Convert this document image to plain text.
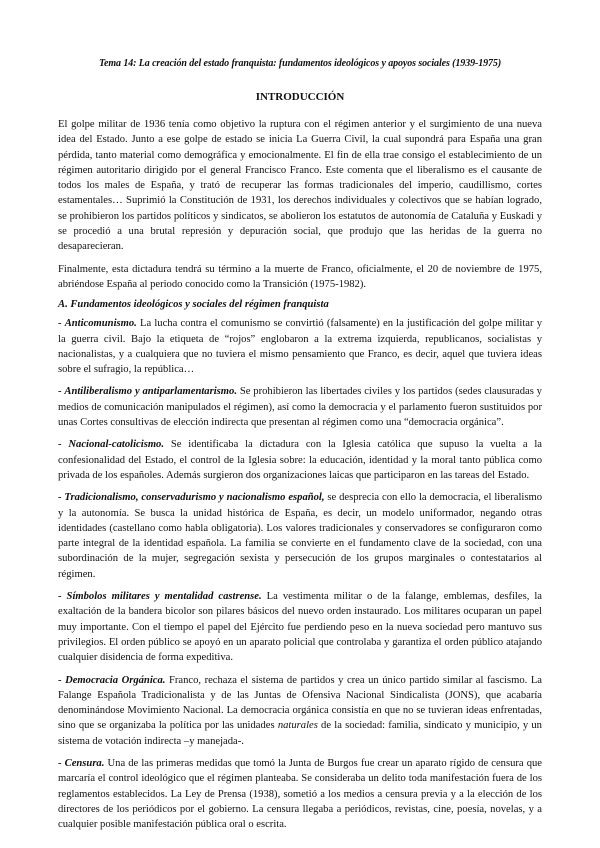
Tema 14: La creación del estado franquista: fundamentos ideológicos y apoyos sociales (1939-1975)
INTRODUCCIÓN

El golpe militar de 1936 tenía como objetivo la ruptura con el régimen anterior y el surgimiento de una nueva idea del Estado. Junto a ese golpe de estado se inicia La Guerra Civil, la cual supondrá para España una gran pérdida, tanto material como demográfica y emocionalmente. El fin de ella trae consigo el establecimiento de un régimen autoritario dirigido por el general Francisco Franco. Este comenta que el liberalismo es el causante de todos los males de España, y trató de recuperar las formas tradicionales del imperio, caudillismo, cortes estamentales… Suprimió la Constitución de 1931, los derechos individuales y colectivos que se habían logrado, se prohibieron los partidos políticos y sindicatos, se abolieron los estatutos de autonomía de Cataluña y Euskadi y se procedió a una brutal represión y depuración social, que produjo que las heridas de la guerra no desaparecieran.

Finalmente, esta dictadura tendrá su término a la muerte de Franco, oficialmente, el 20 de noviembre de 1975, abriéndose España al periodo conocido como la Transición (1975-1982).

A. Fundamentos ideológicos y sociales del régimen franquista

- Anticomunismo. La lucha contra el comunismo se convirtió (falsamente) en la justificación del golpe militar y la guerra civil. Bajo la etiqueta de “rojos” englobaron a la extrema izquierda, republicanos, socialistas y nacionalistas, y a cualquiera que no tuviera el mismo pensamiento que Franco, es decir, aquel que tuviera ideas sobre el sufragio, la república…

- Antiliberalismo y antiparlamentarismo. Se prohibieron las libertades civiles y los partidos (sedes clausuradas y medios de comunicación manipulados el régimen), así como la democracia y el parlamento fueron sustituidos por unas Cortes consultivas de elección indirecta que presentan al régimen como una “democracia orgánica”.

- Nacional-catolicismo. Se identificaba la dictadura con la Iglesia católica que supuso la vuelta a la confesionalidad del Estado, el control de la Iglesia sobre: la educación, identidad y la moral tanto pública como privada de los españoles. Además surgieron dos organizaciones laicas que participaron en las tareas del Estado.

- Tradicionalismo, conservadurismo y nacionalismo español, se desprecia con ello la democracia, el liberalismo y la autonomía. Se busca la unidad histórica de España, es decir, un modelo uniformador, negando otras identidades (castellano como habla obligatoria). Los valores tradicionales y conservadores se configuraron como parte integral de la identidad española. La familia se convierte en el fundamento clave de la sociedad, con una subordinación de la mujer, segregación sexista y persecución de los grupos marginales o contestatarios al régimen.

- Símbolos militares y mentalidad castrense. La vestimenta militar o de la falange, emblemas, desfiles, la exaltación de la bandera bicolor son pilares básicos del nuevo orden instaurado. Los militares ocuparan un papel muy importante. Con el tiempo el papel del Ejército fue perdiendo peso en la nueva sociedad pero mantuvo sus privilegios. El orden público se apoyó en un aparato policial que controlaba y garantiza el orden público atajando cualquier disidencia de forma expeditiva.

- Democracia Orgánica. Franco, rechaza el sistema de partidos y crea un único partido similar al fascismo. La Falange Española Tradicionalista y de las Juntas de Ofensiva Nacional Sindicalista (JONS), que acabaría denominándose Movimiento Nacional. La democracia orgánica consistía en que no se tuvieran ideas enfrentadas, sino que se organizaba la política por las unidades naturales de la sociedad: familia, sindicato y municipio, y un sistema de votación indirecta –y manejada-.

- Censura. Una de las primeras medidas que tomó la Junta de Burgos fue crear un aparato rígido de censura que marcaría el control ideológico que el régimen planteaba. Se consideraba un delito toda manifestación fuera de los reglamentos establecidos. La Ley de Prensa (1938), sometió a los medios a censura previa y a la elección de los directores de los periódicos por el gobierno. La censura llegaba a periódicos, revistas, cine, poesía, novelas, y a cualquier posible manifestación pública oral o escrita.
